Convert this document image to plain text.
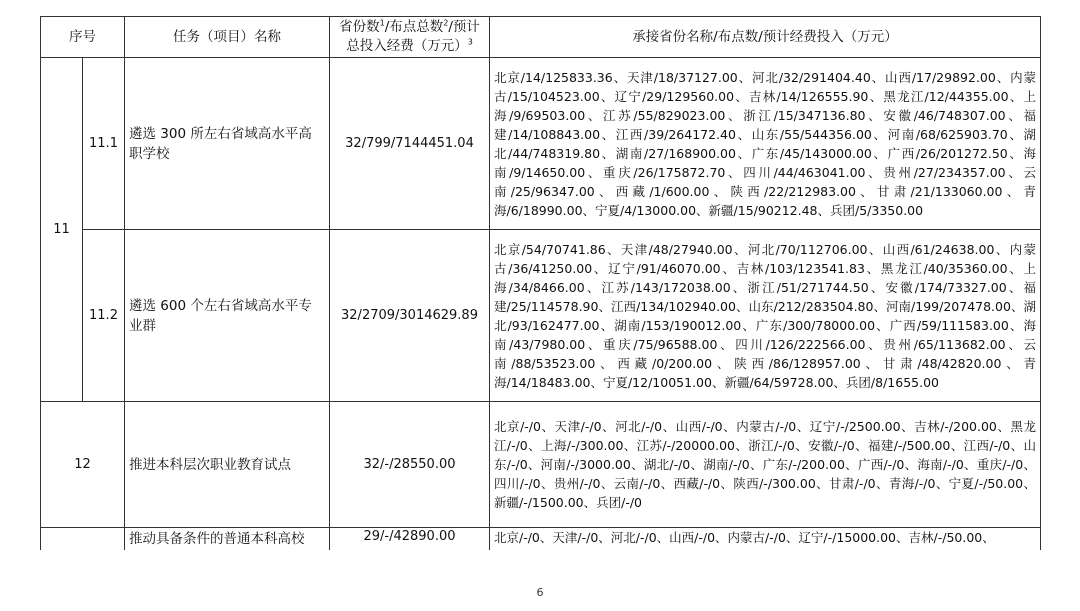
序号		任务（项目）名称	省份数$^1$/布点总数$^2$/预计总投入经费（万元）$^3$	承接省份名称/布点数/预计经费投入（万元）
11	11.1	遴选 300 所左右省域高水平高职学校	32/799/7144451.04	北京/14/125833.36、天津/18/37127.00、河北/32/291404.40、山西/17/29892.00、内蒙古/15/104523.00、辽宁/29/129560.00、吉林/14/126555.90、黑龙江/12/44355.00、上海/9/69503.00、江苏/55/829023.00、浙江/15/347136.80、安徽/46/748307.00、福建/14/108843.00、江西/39/264172.40、山东/55/544356.00、河南/68/625903.70、湖北/44/748319.80、湖南/27/168900.00、广东/45/143000.00、广西/26/201272.50、海南/9/14650.00、重庆/26/175872.70、四川/44/463041.00、贵州/27/234357.00、云南/25/96347.00、西藏/1/600.00、陕西/22/212983.00、甘肃/21/133060.00、青海/6/18990.00、宁夏/4/13000.00、新疆/15/90212.48、兵团/5/3350.00
	11.2	遴选 600 个左右省域高水平专业群	32/2709/3014629.89	北京/54/70741.86、天津/48/27940.00、河北/70/112706.00、山西/61/24638.00、内蒙古/36/41250.00、辽宁/91/46070.00、吉林/103/123541.83、黑龙江/40/35360.00、上海/34/8466.00、江苏/143/172038.00、浙江/51/271744.50、安徽/174/73327.00、福建/25/114578.90、江西/134/102940.00、山东/212/283504.80、河南/199/207478.00、湖北/93/162477.00、湖南/153/190012.00、广东/300/78000.00、广西/59/111583.00、海南/43/7980.00、重庆/75/96588.00、四川/126/222566.00、贵州/65/113682.00、云南/88/53523.00、西藏/0/200.00、陕西/86/128957.00、甘肃/48/42820.00、青海/14/18483.00、宁夏/12/10051.00、新疆/64/59728.00、兵团/8/1655.00
12		推进本科层次职业教育试点	32/-/28550.00	北京/-/0、天津/-/0、河北/-/0、山西/-/0、内蒙古/-/0、辽宁/-/2500.00、吉林/-/200.00、黑龙江/-/0、上海/-/300.00、江苏/-/20000.00、浙江/-/0、安徽/-/0、福建/-/500.00、江西/-/0、山东/-/0、河南/-/3000.00、湖北/-/0、湖南/-/0、广东/-/200.00、广西/-/0、海南/-/0、重庆/-/0、四川/-/0、贵州/-/0、云南/-/0、西藏/-/0、陕西/-/300.00、甘肃/-/0、青海/-/0、宁夏/-/50.00、新疆/-/1500.00、兵团/-/0
		推动具备条件的普通本科高校	29/-/42890.00	北京/-/0、天津/-/0、河北/-/0、山西/-/0、内蒙古/-/0、辽宁/-/15000.00、吉林/-/50.00、
6
